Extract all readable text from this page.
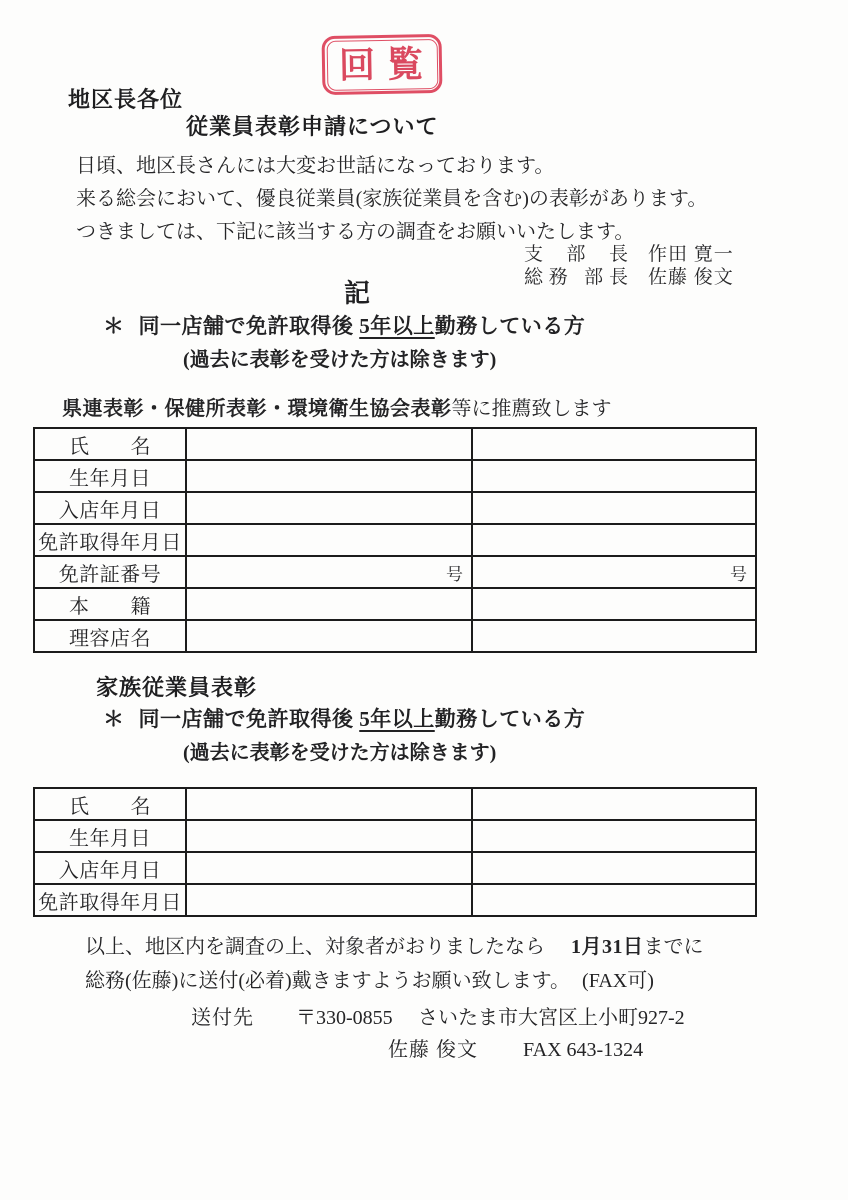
回覧
地区長各位
従業員表彰申請について
日頃、地区長さんには大変お世話になっております。
来る総会において、優良従業員(家族従業員を含む)の表彰があります。
つきましては、下記に該当する方の調査をお願いいたします。
支 部 長 作田 寛一
総務 部長 佐藤 俊文
記
＊ 同一店舗で免許取得後 5年以上勤務している方
(過去に表彰を受けた方は除きます)
県連表彰・保健所表彰・環境衛生協会表彰等に推薦致します
氏　　名		
生年月日		
入店年月日		
免許取得年月日		
免許証番号	号	号
本　　籍		
理容店名		
家族従業員表彰
＊ 同一店舗で免許取得後 5年以上勤務している方
(過去に表彰を受けた方は除きます)
氏　　名		
生年月日		
入店年月日		
免許取得年月日		
以上、地区内を調査の上、対象者がおりましたなら 1月31日までに
総務(佐藤)に送付(必着)戴きますようお願い致します。 (FAX可)
送付先 〒330-0855 さいたま市大宮区上小町927-2
佐藤 俊文 FAX 643-1324
